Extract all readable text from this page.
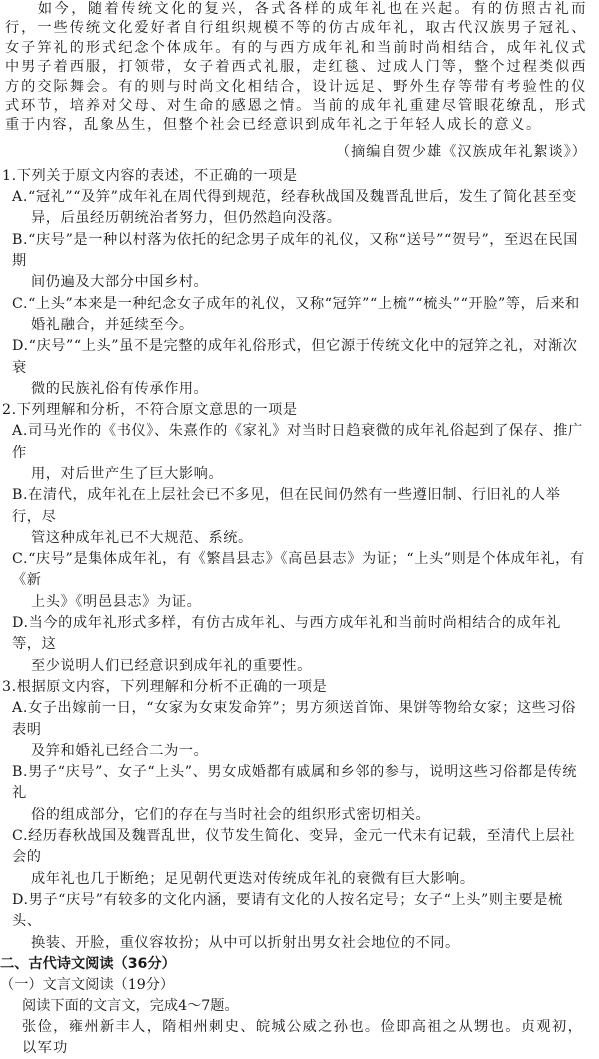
如今，随着传统文化的复兴，各式各样的成年礼也在兴起。有的仿照古礼而行，一些传统文化爱好者自行组织规模不等的仿古成年礼，取古代汉族男子冠礼、女子笄礼的形式纪念个体成年。有的与西方成年礼和当前时尚相结合，成年礼仪式中男子着西服，打领带，女子着西式礼服，走红毯、过成人门等，整个过程类似西方的交际舞会。有的则与时尚文化相结合，设计远足、野外生存等带有考验性的仪式环节，培养对父母、对生命的感恩之情。当前的成年礼重建尽管眼花缭乱，形式重于内容，乱象丛生，但整个社会已经意识到成年礼之于年轻人成长的意义。

（摘编自贺少雄《汉族成年礼絮谈》）

1.下列关于原文内容的表述，不正确的一项是

A.“冠礼”“及笄”成年礼在周代得到规范，经春秋战国及魏晋乱世后，发生了简化甚至变
异，后虽经历朝统治者努力，但仍然趋向没落。

B.“庆号”是一种以村落为依托的纪念男子成年的礼仪，又称“送号”“贺号”，至迟在民国期
间仍遍及大部分中国乡村。

C.“上头”本来是一种纪念女子成年的礼仪，又称“冠笄”“上梳”“梳头”“开脸”等，后来和
婚礼融合，并延续至今。

D.“庆号”“上头”虽不是完整的成年礼俗形式，但它源于传统文化中的冠笄之礼，对渐次衰
微的民族礼俗有传承作用。

2.下列理解和分析，不符合原文意思的一项是

A.司马光作的《书仪》、朱熹作的《家礼》对当时日趋衰微的成年礼俗起到了保存、推广作
用，对后世产生了巨大影响。

B.在清代，成年礼在上层社会已不多见，但在民间仍然有一些遵旧制、行旧礼的人举行，尽
管这种成年礼已不大规范、系统。

C.“庆号”是集体成年礼，有《繁昌县志》《高邑县志》为证；“上头”则是个体成年礼，有《新
上头》《明邑县志》为证。

D.当今的成年礼形式多样，有仿古成年礼、与西方成年礼和当前时尚相结合的成年礼等，这
至少说明人们已经意识到成年礼的重要性。

3.根据原文内容，下列理解和分析不正确的一项是

A.女子出嫁前一日，“女家为女束发命笄”；男方须送首饰、果饼等物给女家；这些习俗表明
及笄和婚礼已经合二为一。

B.男子“庆号”、女子“上头”、男女成婚都有戚属和乡邻的参与，说明这些习俗都是传统礼
俗的组成部分，它们的存在与当时社会的组织形式密切相关。

C.经历春秋战国及魏晋乱世，仪节发生简化、变异，金元一代未有记载，至清代上层社会的
成年礼也几于断绝；足见朝代更迭对传统成年礼的衰微有巨大影响。

D.男子“庆号”有较多的文化内涵，要请有文化的人按名定号；女子“上头”则主要是梳头、
换装、开脸，重仪容妆扮；从中可以折射出男女社会地位的不同。

二、古代诗文阅读（36分）

（一）文言文阅读（19分）

阅读下面的文言文，完成4～7题。

张俭，雍州新丰人，隋相州刺史、皖城公威之孙也。俭即高祖之从甥也。贞观初，以军功
